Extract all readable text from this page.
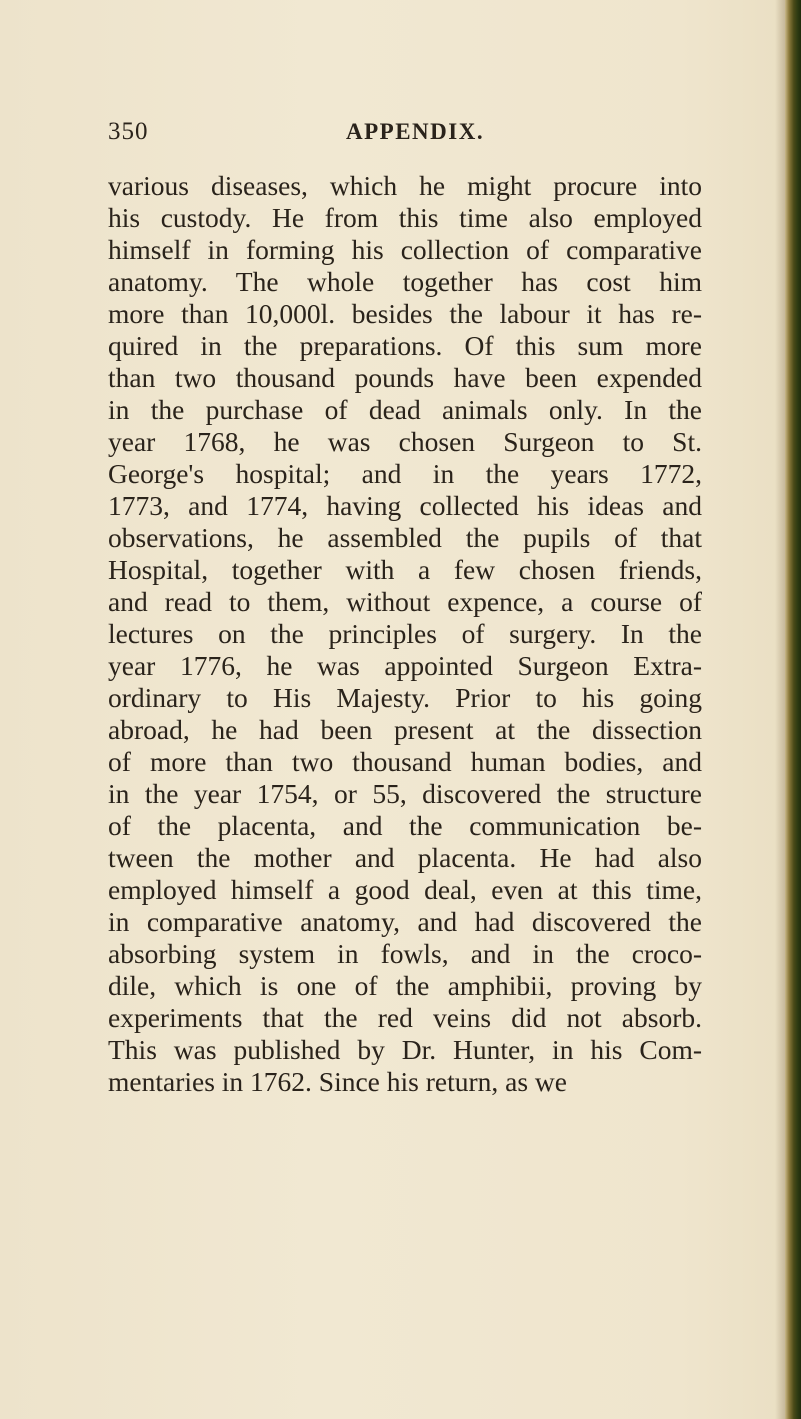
350	APPENDIX.
various diseases, which he might procure into
his custody. He from this time also employed
himself in forming his collection of comparative
anatomy. The whole together has cost him
more than 10,000l. besides the labour it has re-
quired in the preparations. Of this sum more
than two thousand pounds have been expended
in the purchase of dead animals only. In the
year 1768, he was chosen Surgeon to St.
George's hospital; and in the years 1772,
1773, and 1774, having collected his ideas and
observations, he assembled the pupils of that
Hospital, together with a few chosen friends,
and read to them, without expence, a course of
lectures on the principles of surgery. In the
year 1776, he was appointed Surgeon Extra-
ordinary to His Majesty. Prior to his going
abroad, he had been present at the dissection
of more than two thousand human bodies, and
in the year 1754, or 55, discovered the structure
of the placenta, and the communication be-
tween the mother and placenta. He had also
employed himself a good deal, even at this time,
in comparative anatomy, and had discovered the
absorbing system in fowls, and in the croco-
dile, which is one of the amphibii, proving by
experiments that the red veins did not absorb.
This was published by Dr. Hunter, in his Com-
mentaries in 1762. Since his return, as we
